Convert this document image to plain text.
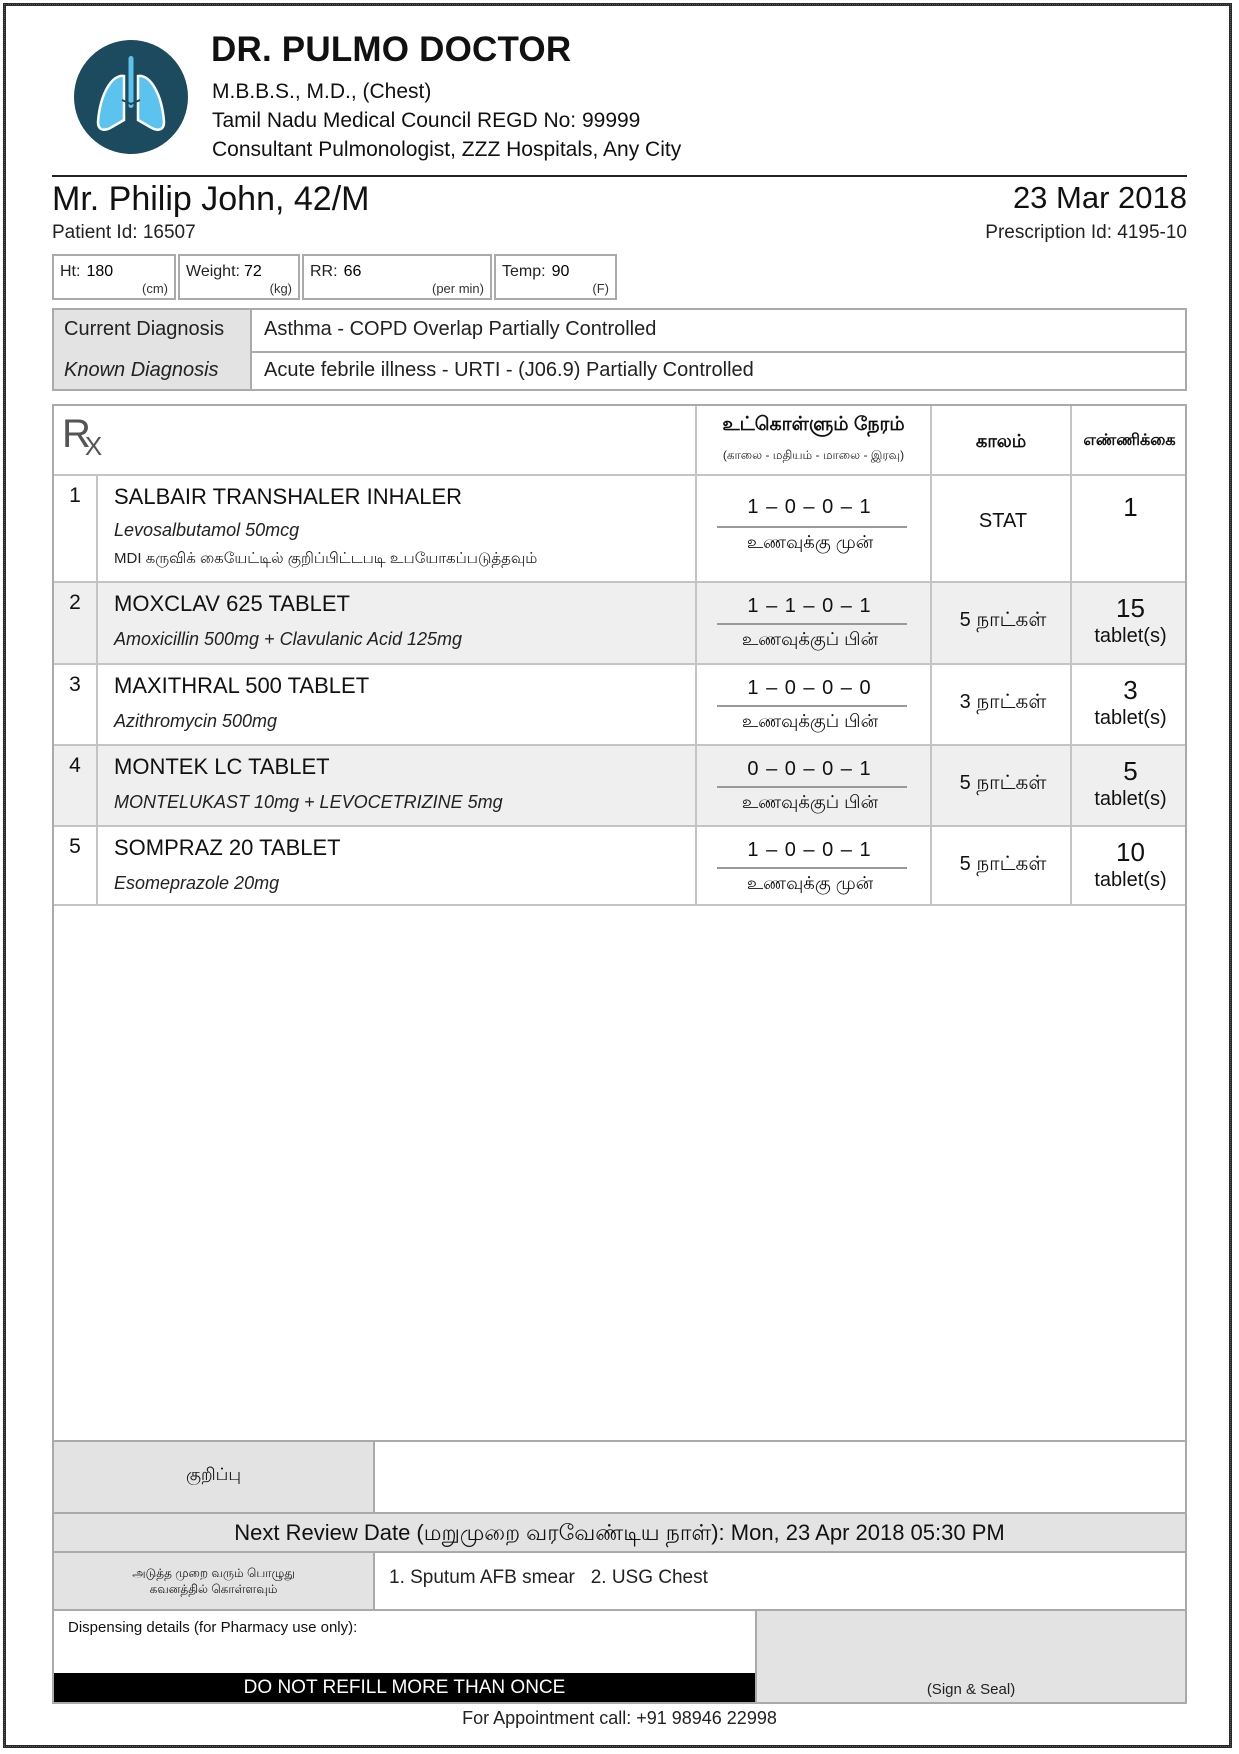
DR. PULMO DOCTOR
M.B.B.S., M.D., (Chest)
Tamil Nadu Medical Council REGD No: 99999
Consultant Pulmonologist, ZZZ Hospitals, Any City
Mr. Philip John, 42/M
Patient Id: 16507
23 Mar 2018
Prescription Id: 4195-10
Ht: 180
(cm)
Weight: 72
(kg)
RR: 66
(per min)
Temp: 90
(F)
Current Diagnosis	Asthma - COPD Overlap Partially Controlled
Known Diagnosis	Acute febrile illness - URTI - (J06.9) Partially Controlled
RX
உட்கொள்ளும் நேரம்
(காலை - மதியம் - மாலை - இரவு)
காலம்	எண்ணிக்கை
1	SALBAIR TRANSHALER INHALER
Levosalbutamol 50mcg
MDI கருவிக் கையேட்டில் குறிப்பிட்டபடி உபயோகப்படுத்தவும்
1 – 0 – 0 – 1
உணவுக்கு முன்
STAT	1
2	MOXCLAV 625 TABLET
Amoxicillin 500mg + Clavulanic Acid 125mg
1 – 1 – 0 – 1
உணவுக்குப் பின்
5 நாட்கள்	15
tablet(s)
3	MAXITHRAL 500 TABLET
Azithromycin 500mg
1 – 0 – 0 – 0
உணவுக்குப் பின்
3 நாட்கள்	3
tablet(s)
4	MONTEK LC TABLET
MONTELUKAST 10mg + LEVOCETRIZINE 5mg
0 – 0 – 0 – 1
உணவுக்குப் பின்
5 நாட்கள்	5
tablet(s)
5	SOMPRAZ 20 TABLET
Esomeprazole 20mg
1 – 0 – 0 – 1
உணவுக்கு முன்
5 நாட்கள்	10
tablet(s)
குறிப்பு
Next Review Date (மறுமுறை வரவேண்டிய நாள்): Mon, 23 Apr 2018 05:30 PM
அடுத்த முறை வரும் பொழுது
கவனத்தில் கொள்ளவும்
1. Sputum AFB smear   2. USG Chest
Dispensing details (for Pharmacy use only):
DO NOT REFILL MORE THAN ONCE	(Sign & Seal)
For Appointment call: +91 98946 22998
